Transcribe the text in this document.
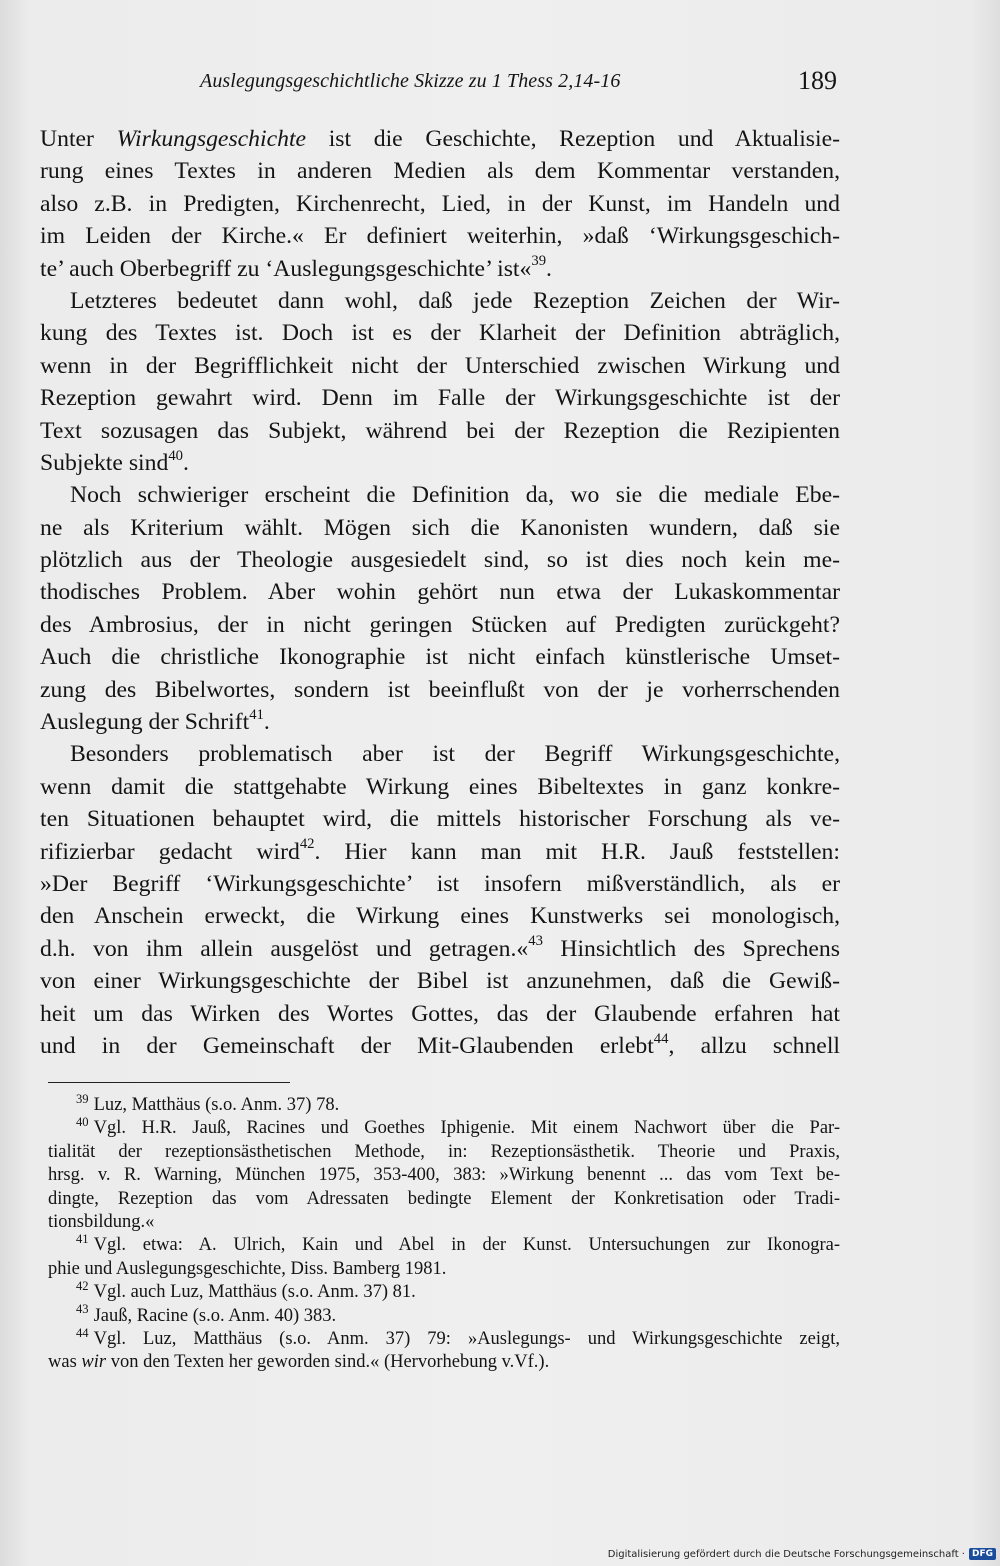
Auslegungsgeschichtliche Skizze zu 1 Thess 2,14-16	189
Unter Wirkungsgeschichte ist die Geschichte, Rezeption und Aktualisie-
rung eines Textes in anderen Medien als dem Kommentar verstanden,
also z.B. in Predigten, Kirchenrecht, Lied, in der Kunst, im Handeln und
im Leiden der Kirche.« Er definiert weiterhin, »daß ‘Wirkungsgeschich-
te’ auch Oberbegriff zu ‘Auslegungsgeschichte’ ist«$^{39}$.
Letzteres bedeutet dann wohl, daß jede Rezeption Zeichen der Wir-
kung des Textes ist. Doch ist es der Klarheit der Definition abträglich,
wenn in der Begrifflichkeit nicht der Unterschied zwischen Wirkung und
Rezeption gewahrt wird. Denn im Falle der Wirkungsgeschichte ist der
Text sozusagen das Subjekt, während bei der Rezeption die Rezipienten
Subjekte sind$^{40}$.
Noch schwieriger erscheint die Definition da, wo sie die mediale Ebe-
ne als Kriterium wählt. Mögen sich die Kanonisten wundern, daß sie
plötzlich aus der Theologie ausgesiedelt sind, so ist dies noch kein me-
thodisches Problem. Aber wohin gehört nun etwa der Lukaskommentar
des Ambrosius, der in nicht geringen Stücken auf Predigten zurückgeht?
Auch die christliche Ikonographie ist nicht einfach künstlerische Umset-
zung des Bibelwortes, sondern ist beeinflußt von der je vorherrschenden
Auslegung der Schrift$^{41}$.
Besonders problematisch aber ist der Begriff Wirkungsgeschichte,
wenn damit die stattgehabte Wirkung eines Bibeltextes in ganz konkre-
ten Situationen behauptet wird, die mittels historischer Forschung als ve-
rifizierbar gedacht wird$^{42}$. Hier kann man mit H.R. Jauß feststellen:
»Der Begriff ‘Wirkungsgeschichte’ ist insofern mißverständlich, als er
den Anschein erweckt, die Wirkung eines Kunstwerks sei monologisch,
d.h. von ihm allein ausgelöst und getragen.«$^{43}$ Hinsichtlich des Sprechens
von einer Wirkungsgeschichte der Bibel ist anzunehmen, daß die Gewiß-
heit um das Wirken des Wortes Gottes, das der Glaubende erfahren hat
und in der Gemeinschaft der Mit-Glaubenden erlebt$^{44}$, allzu schnell
$^{39}$ Luz, Matthäus (s.o. Anm. 37) 78.
$^{40}$ Vgl. H.R. Jauß, Racines und Goethes Iphigenie. Mit einem Nachwort über die Par-
tialität der rezeptionsästhetischen Methode, in: Rezeptionsästhetik. Theorie und Praxis,
hrsg. v. R. Warning, München 1975, 353-400, 383: »Wirkung benennt ... das vom Text be-
dingte, Rezeption das vom Adressaten bedingte Element der Konkretisation oder Tradi-
tionsbildung.«
$^{41}$ Vgl. etwa: A. Ulrich, Kain und Abel in der Kunst. Untersuchungen zur Ikonogra-
phie und Auslegungsgeschichte, Diss. Bamberg 1981.
$^{42}$ Vgl. auch Luz, Matthäus (s.o. Anm. 37) 81.
$^{43}$ Jauß, Racine (s.o. Anm. 40) 383.
$^{44}$ Vgl. Luz, Matthäus (s.o. Anm. 37) 79: »Auslegungs- und Wirkungsgeschichte zeigt,
was wir von den Texten her geworden sind.« (Hervorhebung v.Vf.).
Digitalisierung gefördert durch die Deutsche Forschungsgemeinschaft · DFG
